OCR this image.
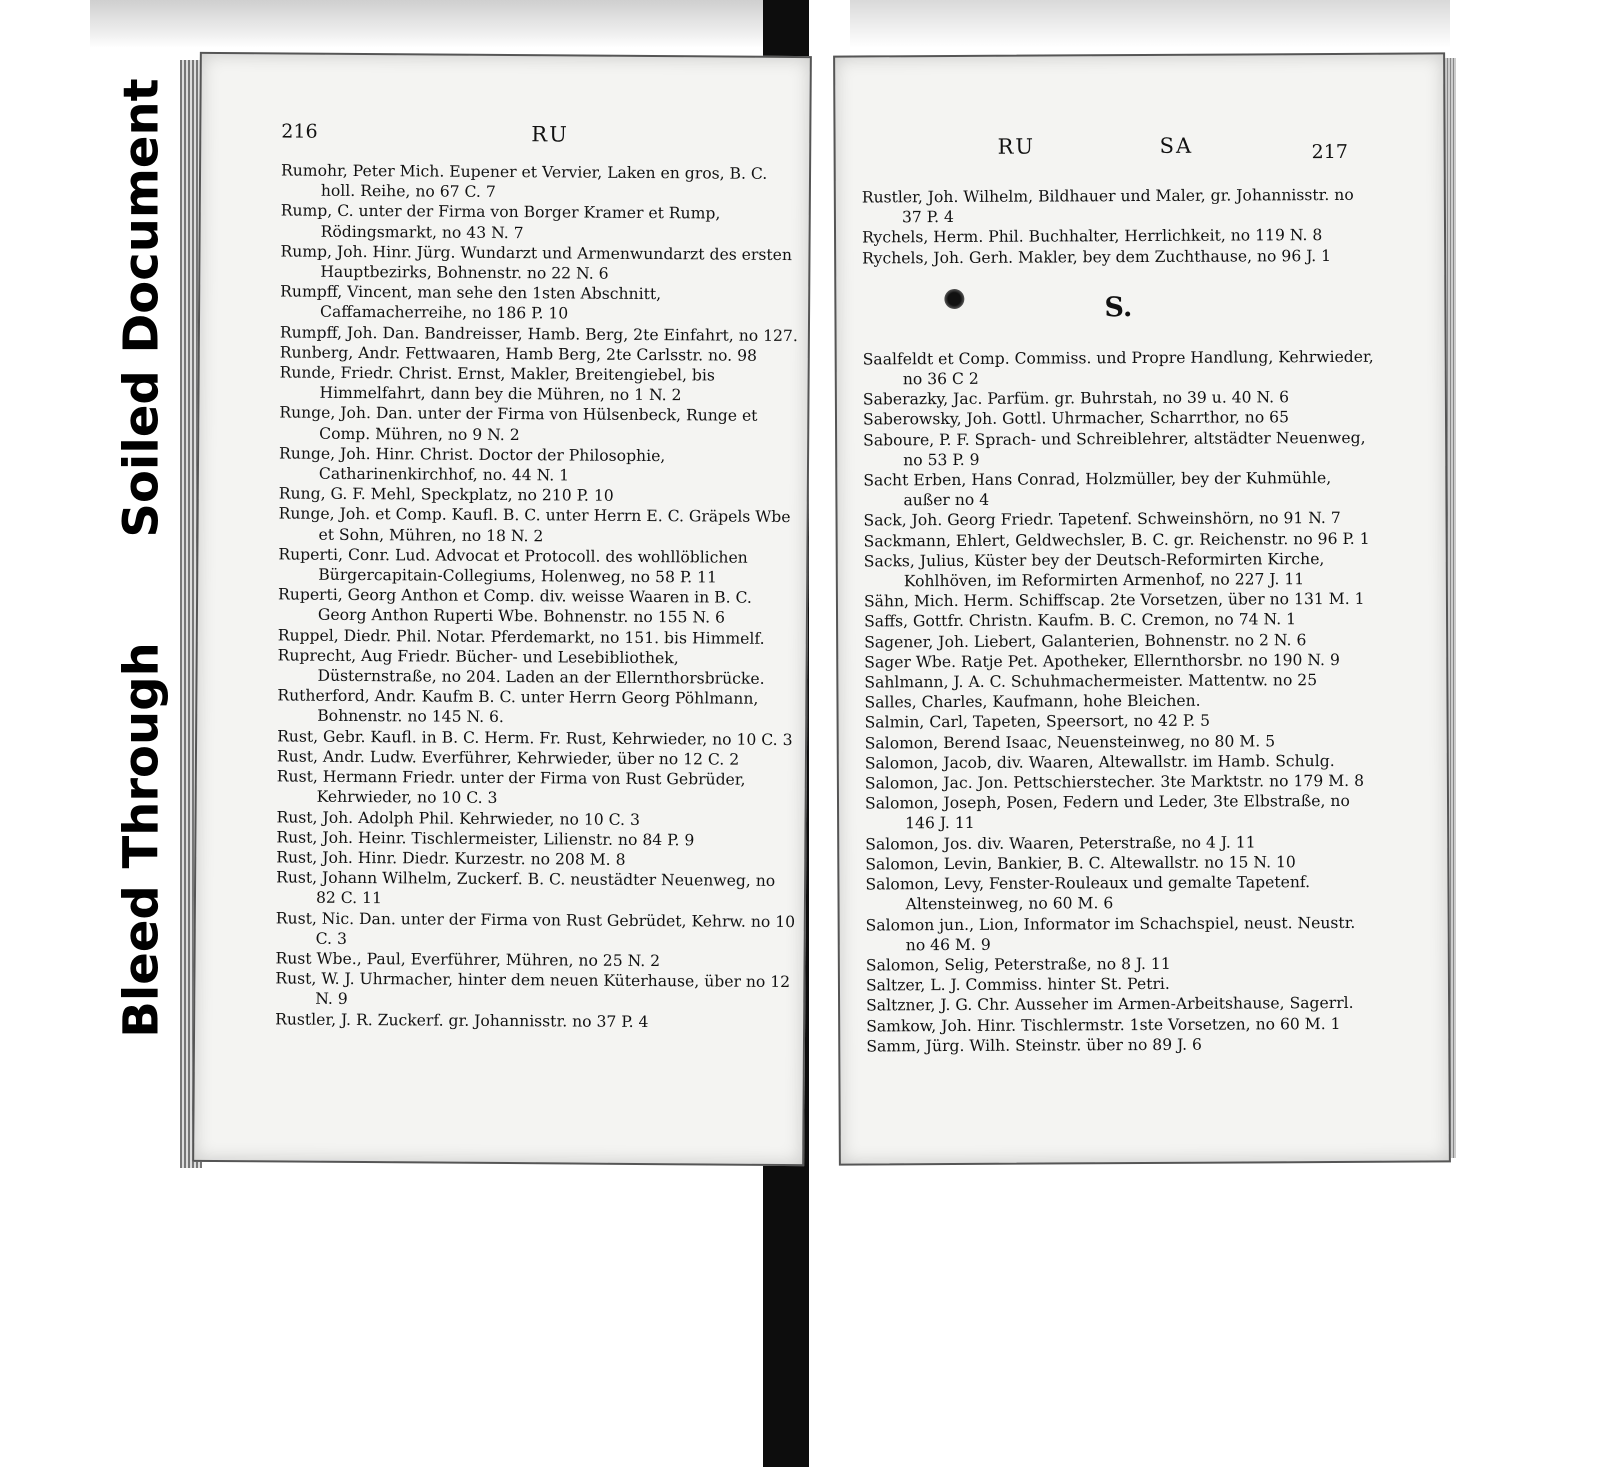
Soiled Document
Bleed Through
216	RU

Rumohr, Peter Mich. Eupener et Vervier, Laken en gros, B. C. holl. Reihe, no 67 C. 7

Rump, C. unter der Firma von Borger Kramer et Rump, Rödingsmarkt, no 43 N. 7

Rump, Joh. Hinr. Jürg. Wundarzt und Armenwundarzt des ersten Hauptbezirks, Bohnenstr. no 22 N. 6

Rumpff, Vincent, man sehe den 1sten Abschnitt, Caffamacherreihe, no 186 P. 10

Rumpff, Joh. Dan. Bandreisser, Hamb. Berg, 2te Einfahrt, no 127.

Runberg, Andr. Fettwaaren, Hamb Berg, 2te Carlsstr. no. 98

Runde, Friedr. Christ. Ernst, Makler, Breitengiebel, bis Himmelfahrt, dann bey die Mühren, no 1 N. 2

Runge, Joh. Dan. unter der Firma von Hülsenbeck, Runge et Comp. Mühren, no 9 N. 2

Runge, Joh. Hinr. Christ. Doctor der Philosophie, Catharinenkirchhof, no. 44 N. 1

Rung, G. F. Mehl, Speckplatz, no 210 P. 10

Runge, Joh. et Comp. Kaufl. B. C. unter Herrn E. C. Gräpels Wbe et Sohn, Mühren, no 18 N. 2

Ruperti, Conr. Lud. Advocat et Protocoll. des wohllöblichen Bürgercapitain-Collegiums, Holenweg, no 58 P. 11

Ruperti, Georg Anthon et Comp. div. weisse Waaren in B. C. Georg Anthon Ruperti Wbe. Bohnenstr. no 155 N. 6

Ruppel, Diedr. Phil. Notar. Pferdemarkt, no 151. bis Himmelf.

Ruprecht, Aug Friedr. Bücher- und Lesebibliothek, Düsternstraße, no 204. Laden an der Ellernthorsbrücke.

Rutherford, Andr. Kaufm B. C. unter Herrn Georg Pöhlmann, Bohnenstr. no 145 N. 6.

Rust, Gebr. Kaufl. in B. C. Herm. Fr. Rust, Kehrwieder, no 10 C. 3

Rust, Andr. Ludw. Everführer, Kehrwieder, über no 12 C. 2

Rust, Hermann Friedr. unter der Firma von Rust Gebrüder, Kehrwieder, no 10 C. 3

Rust, Joh. Adolph Phil. Kehrwieder, no 10 C. 3

Rust, Joh. Heinr. Tischlermeister, Lilienstr. no 84 P. 9

Rust, Joh. Hinr. Diedr. Kurzestr. no 208 M. 8

Rust, Johann Wilhelm, Zuckerf. B. C. neustädter Neuenweg, no 82 C. 11

Rust, Nic. Dan. unter der Firma von Rust Gebrüdet, Kehrw. no 10 C. 3

Rust Wbe., Paul, Everführer, Mühren, no 25 N. 2

Rust, W. J. Uhrmacher, hinter dem neuen Küterhause, über no 12 N. 9

Rustler, J. R. Zuckerf. gr. Johannisstr. no 37 P. 4

RU	SA	217

Rustler, Joh. Wilhelm, Bildhauer und Maler, gr. Johannisstr. no 37 P. 4

Rychels, Herm. Phil. Buchhalter, Herrlichkeit, no 119 N. 8

Rychels, Joh. Gerh. Makler, bey dem Zuchthause, no 96 J. 1

S.

Saalfeldt et Comp. Commiss. und Propre Handlung, Kehrwieder, no 36 C 2

Saberazky, Jac. Parfüm. gr. Buhrstah, no 39 u. 40 N. 6

Saberowsky, Joh. Gottl. Uhrmacher, Scharrthor, no 65

Saboure, P. F. Sprach- und Schreiblehrer, altstädter Neuenweg, no 53 P. 9

Sacht Erben, Hans Conrad, Holzmüller, bey der Kuhmühle, außer no 4

Sack, Joh. Georg Friedr. Tapetenf. Schweinshörn, no 91 N. 7

Sackmann, Ehlert, Geldwechsler, B. C. gr. Reichenstr. no 96 P. 1

Sacks, Julius, Küster bey der Deutsch-Reformirten Kirche, Kohlhöven, im Reformirten Armenhof, no 227 J. 11

Sähn, Mich. Herm. Schiffscap. 2te Vorsetzen, über no 131 M. 1

Saffs, Gottfr. Christn. Kaufm. B. C. Cremon, no 74 N. 1

Sagener, Joh. Liebert, Galanterien, Bohnenstr. no 2 N. 6

Sager Wbe. Ratje Pet. Apotheker, Ellernthorsbr. no 190 N. 9

Sahlmann, J. A. C. Schuhmachermeister. Mattentw. no 25

Salles, Charles, Kaufmann, hohe Bleichen.

Salmin, Carl, Tapeten, Speersort, no 42 P. 5

Salomon, Berend Isaac, Neuensteinweg, no 80 M. 5

Salomon, Jacob, div. Waaren, Altewallstr. im Hamb. Schulg.

Salomon, Jac. Jon. Pettschierstecher. 3te Marktstr. no 179 M. 8

Salomon, Joseph, Posen, Federn und Leder, 3te Elbstraße, no 146 J. 11

Salomon, Jos. div. Waaren, Peterstraße, no 4 J. 11

Salomon, Levin, Bankier, B. C. Altewallstr. no 15 N. 10

Salomon, Levy, Fenster-Rouleaux und gemalte Tapetenf. Altensteinweg, no 60 M. 6

Salomon jun., Lion, Informator im Schachspiel, neust. Neustr. no 46 M. 9

Salomon, Selig, Peterstraße, no 8 J. 11

Saltzer, L. J. Commiss. hinter St. Petri.

Saltzner, J. G. Chr. Ausseher im Armen-Arbeitshause, Sagerrl.

Samkow, Joh. Hinr. Tischlermstr. 1ste Vorsetzen, no 60 M. 1

Samm, Jürg. Wilh. Steinstr. über no 89 J. 6
